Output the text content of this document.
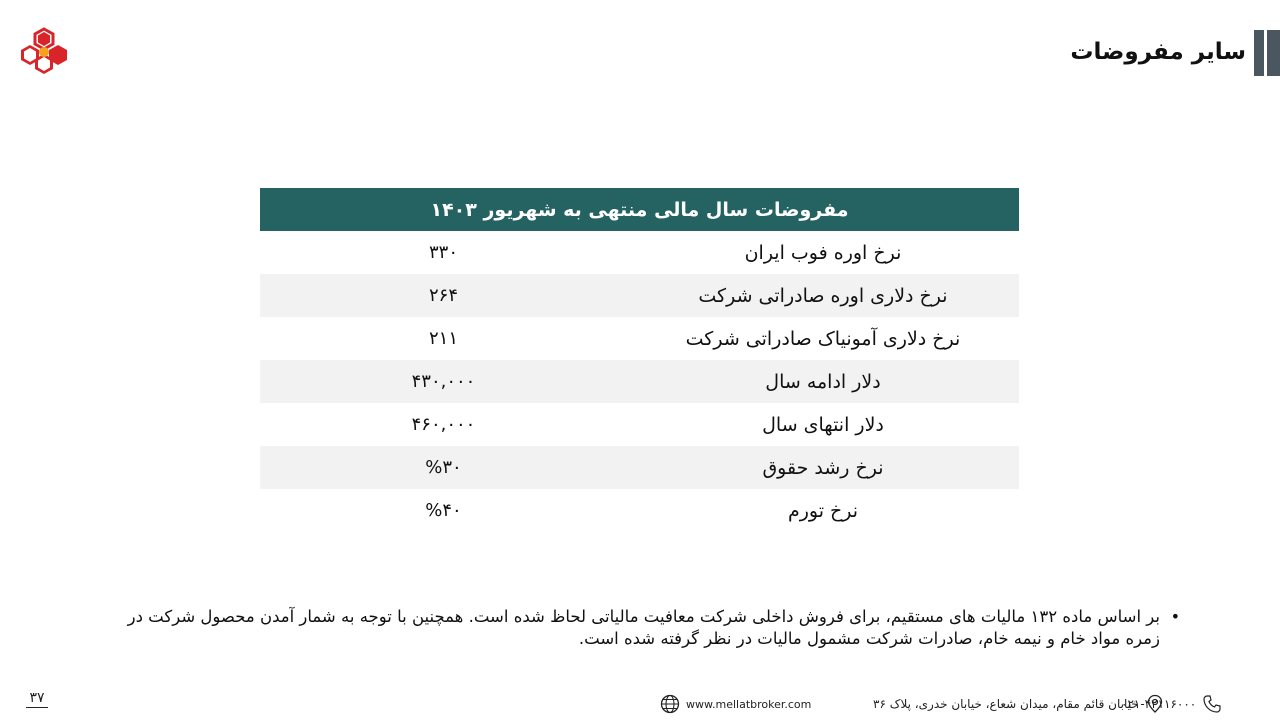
سایر مفروضات
مفروضات سال مالی منتهی به شهریور ۱۴۰۳
۳۳۰	نرخ اوره فوب ایران
۲۶۴	نرخ دلاری اوره صادراتی شرکت
۲۱۱	نرخ دلاری آمونیاک صادراتی شرکت
۴۳۰,۰۰۰	دلار ادامه سال
۴۶۰,۰۰۰	دلار انتهای سال
%۳۰	نرخ رشد حقوق
%۴۰	نرخ تورم
•
بر اساس ماده ۱۳۲ مالیات های مستقیم، برای فروش داخلی شرکت معافیت مالیاتی لحاظ شده است. همچنین با توجه به شمار آمدن محصول شرکت در زمره مواد خام و نیمه خام، صادرات شرکت مشمول مالیات در نظر گرفته شده است.
۳۷	www.mellatbroker.com	خیابان قائم مقام، میدان شعاع، خیابان خدری، پلاک ۳۶
۰۲۱-۴۲۱۱۶۰۰۰
